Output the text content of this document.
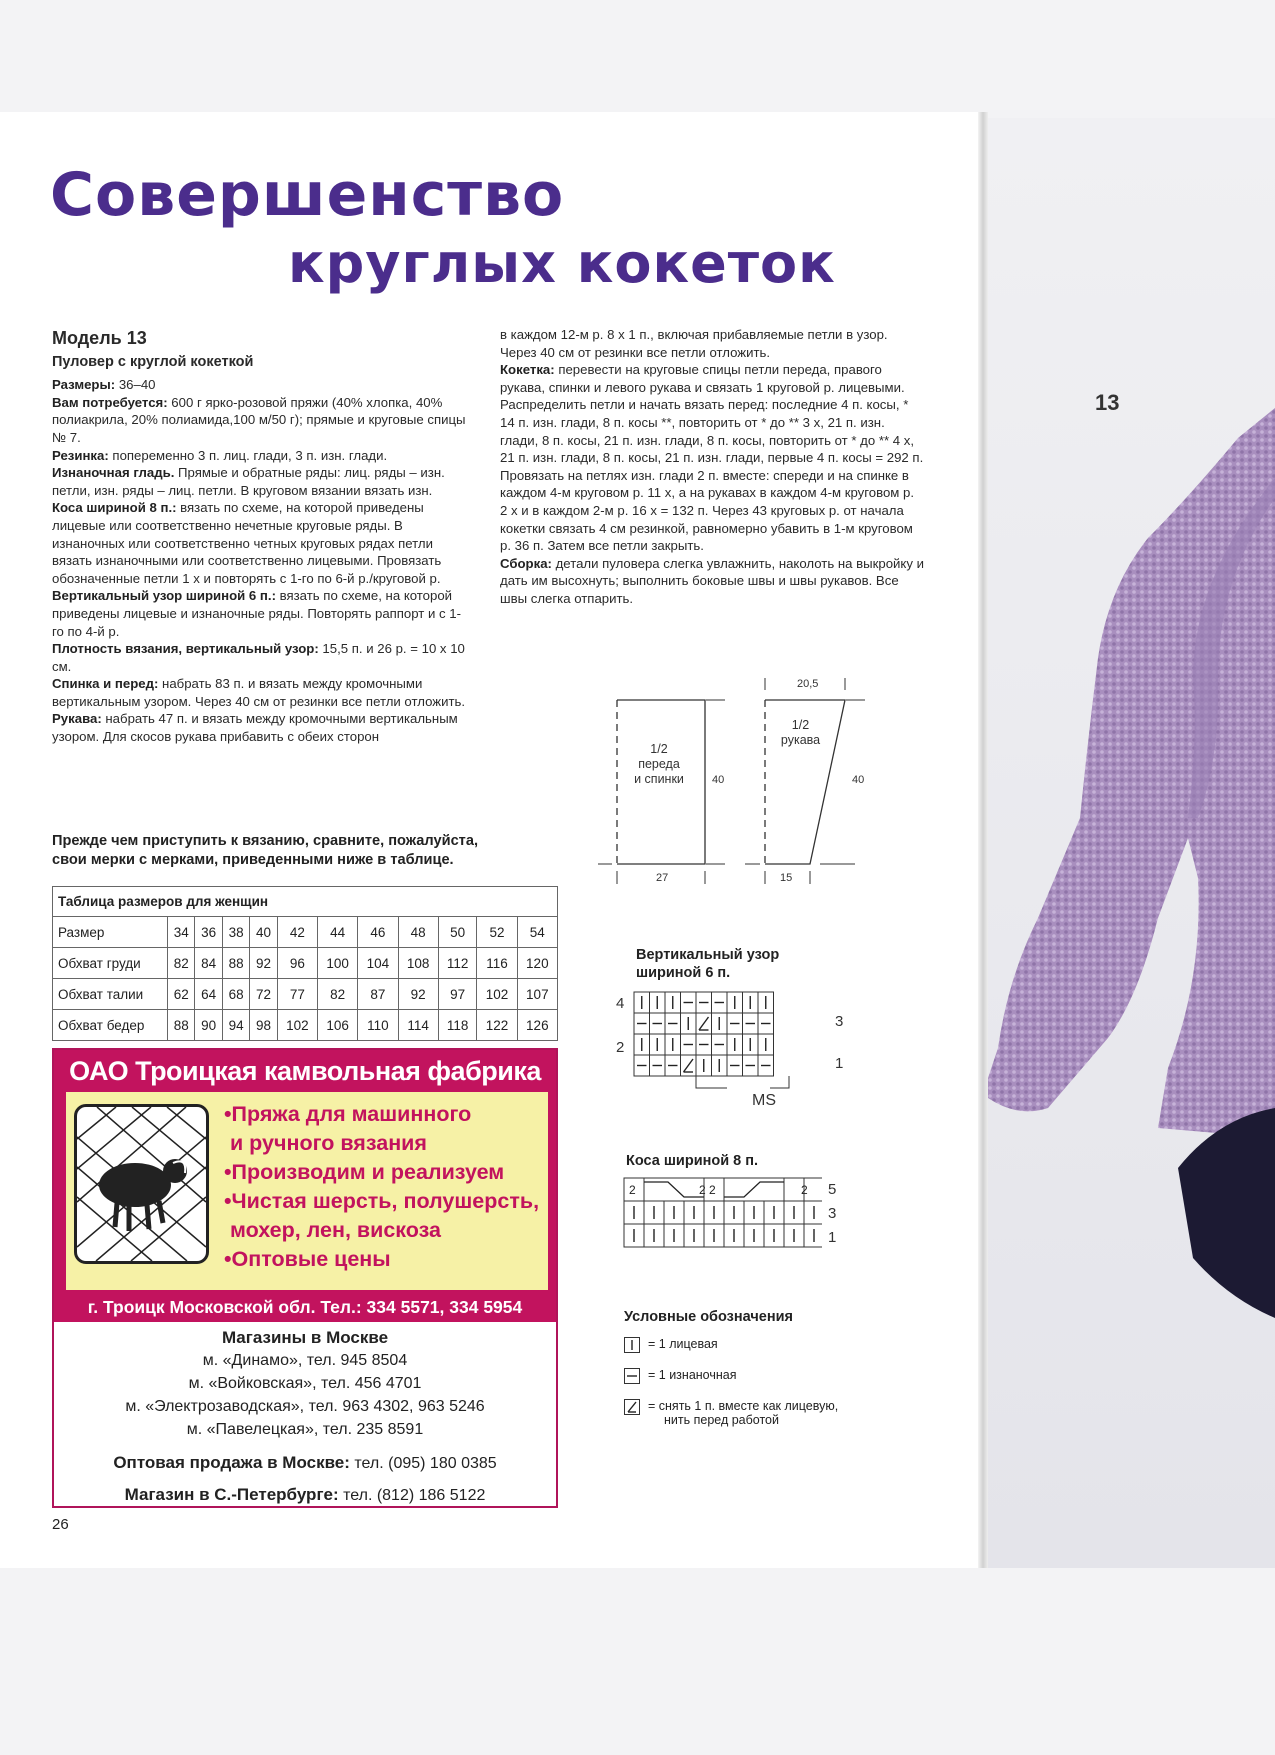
13
Совершенство
круглых кокеток
Модель 13
Пуловер с круглой кокеткой

Размеры: 36–40

Вам потребуется: 600 г ярко-розовой пряжи (40% хлопка, 40% полиакрила, 20% полиамида,100 м/50 г); прямые и круговые спицы № 7.

Резинка: попеременно 3 п. лиц. глади, 3 п. изн. глади.

Изнаночная гладь. Прямые и обратные ряды: лиц. ряды – изн. петли, изн. ряды – лиц. петли. В круговом вязании вязать изн.

Коса шириной 8 п.: вязать по схеме, на которой приведены лицевые или соответственно нечетные круговые ряды. В изнаночных или соответственно четных круговых рядах петли вязать изнаночными или соответственно лицевыми. Провязать обозначенные петли 1 х и повторять с 1-го по 6-й р./круговой р.

Вертикальный узор шириной 6 п.: вязать по схеме, на которой приведены лицевые и изнаночные ряды. Повторять раппорт и с 1-го по 4-й р.

Плотность вязания, вертикальный узор: 15,5 п. и 26 р. = 10 х 10 см.

Спинка и перед: набрать 83 п. и вязать между кромочными вертикальным узором. Через 40 см от резинки все петли отложить.

Рукава: набрать 47 п. и вязать между кромочными вертикальным узором. Для скосов рукава прибавить с обеих сторон

в каждом 12-м р. 8 х 1 п., включая прибавляемые петли в узор. Через 40 см от резинки все петли отложить.

Кокетка: перевести на круговые спицы петли переда, правого рукава, спинки и левого рукава и связать 1 круговой р. лицевыми. Распределить петли и начать вязать перед: последние 4 п. косы, * 14 п. изн. глади, 8 п. косы **, повторить от * до ** 3 х, 21 п. изн. глади, 8 п. косы, 21 п. изн. глади, 8 п. косы, повторить от * до ** 4 х, 21 п. изн. глади, 8 п. косы, 21 п. изн. глади, первые 4 п. косы = 292 п. Провязать на петлях изн. глади 2 п. вместе: спереди и на спинке в каждом 4-м круговом р. 11 х, а на рукавах в каждом 4-м круговом р. 2 х и в каждом 2-м р. 16 х = 132 п. Через 43 круговых р. от начала кокетки связать 4 см резинкой, равномерно убавить в 1-м круговом р. 36 п. Затем все петли закрыть.

Сборка: детали пуловера слегка увлажнить, наколоть на выкройку и дать им высохнуть; выполнить боковые швы и швы рукавов. Все швы слегка отпарить.

Прежде чем приступить к вязанию, сравните, пожалуйста, свои мерки с мерками, приведенными ниже в таблице.
Таблица размеров для женщин											
Размер	34	36	38	40	42	44	46	48	50	52	54
Обхват груди	82	84	88	92	96	100	104	108	112	116	120
Обхват талии	62	64	68	72	77	82	87	92	97	102	107
Обхват бедер	88	90	94	98	102	106	110	114	118	122	126
ОАО Троицкая камвольная фабрика
•Пряжа для машинного
и ручного вязания
•Производим и реализуем
•Чистая шерсть, полушерсть,
мохер, лен, вискоза
•Оптовые цены
г. Троицк Московской обл. Тел.: 334 5571, 334 5954
Магазины в Москве
м. «Динамо», тел. 945 8504
м. «Войковская», тел. 456 4701
м. «Электрозаводская», тел. 963 4302, 963 5246
м. «Павелецкая», тел. 235 8591
Оптовая продажа в Москве: тел. (095) 180 0385
Магазин в С.-Петербурге: тел. (812) 186 5122
26
1/2 переда
и спинки	40
27
1/2
рукава
20,5
40
15
Вертикальный узор
шириной 6 п.
4
2
3
1
MS
Коса шириной 8 п.
2	2 2	2 5
3
1
Условные обозначения
= 1 лицевая
= 1 изнаночная
= снять 1 п. вместе как лицевую,
нить перед работой
